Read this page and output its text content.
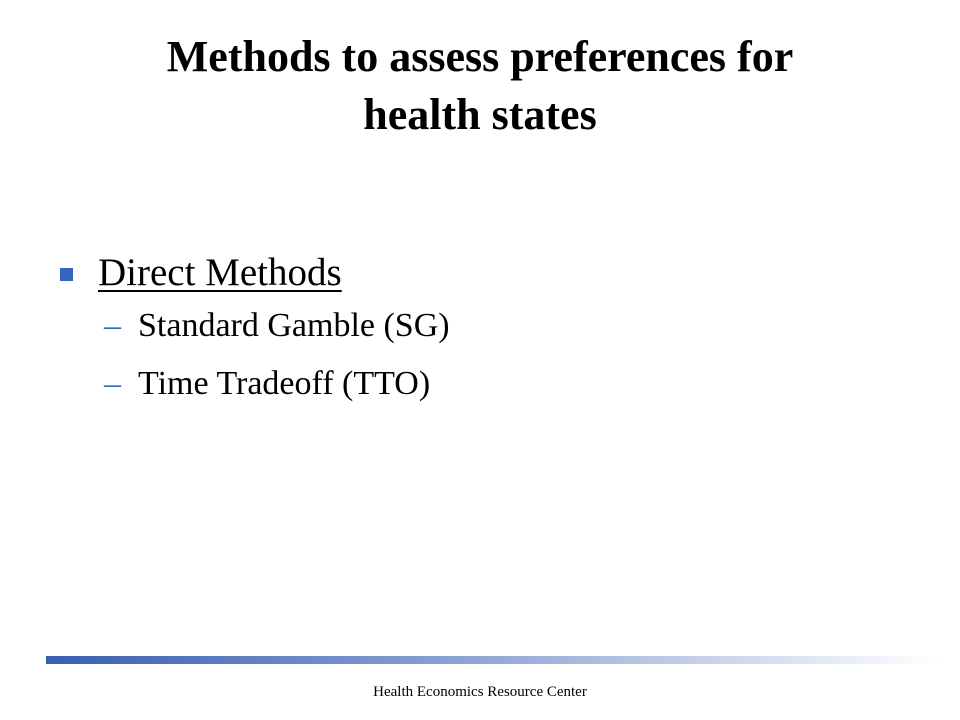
Methods to assess preferences for
health states
Direct Methods
– Standard Gamble (SG)
– Time Tradeoff (TTO)
Health Economics Resource Center
